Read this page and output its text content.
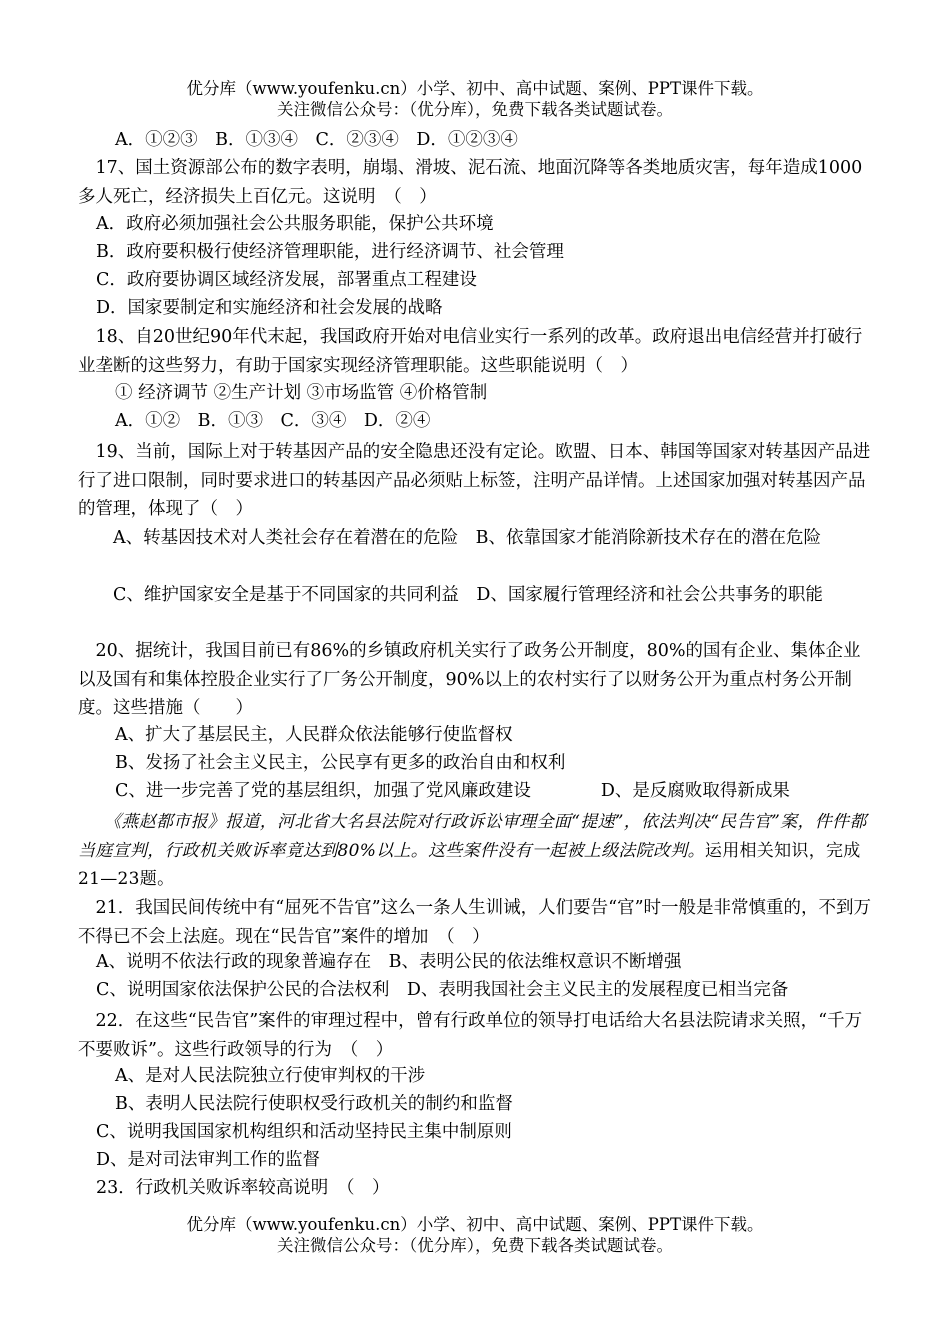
优分库（www.youfenku.cn）小学、初中、高中试题、案例、PPT课件下载。
关注微信公众号：（优分库），免费下载各类试题试卷。
A．①②③　B．①③④　C．②③④　D．①②③④
　17、国土资源部公布的数字表明，崩塌、滑坡、泥石流、地面沉降等各类地质灾害，每年造成1000多人死亡，经济损失上百亿元。这说明　（　）
A．政府必须加强社会公共服务职能，保护公共环境
B．政府要积极行使经济管理职能，进行经济调节、社会管理
C．政府要协调区域经济发展，部署重点工程建设
D．国家要制定和实施经济和社会发展的战略
　18、自20世纪90年代末起，我国政府开始对电信业实行一系列的改革。政府退出电信经营并打破行业垄断的这些努力，有助于国家实现经济管理职能。这些职能说明（　）
① 经济调节 ②生产计划 ③市场监管 ④价格管制
A．①②　B．①③　C．③④　D．②④
　19、当前，国际上对于转基因产品的安全隐患还没有定论。欧盟、日本、韩国等国家对转基因产品进行了进口限制，同时要求进口的转基因产品必须贴上标签，注明产品详情。上述国家加强对转基因产品的管理，体现了（　）
　　A、转基因技术对人类社会存在着潜在的危险　B、依靠国家才能消除新技术存在的潜在危险
　　C、维护国家安全是基于不同国家的共同利益　D、国家履行管理经济和社会公共事务的职能
　20、据统计，我国目前已有86%的乡镇政府机关实行了政务公开制度，80%的国有企业、集体企业以及国有和集体控股企业实行了厂务公开制度，90%以上的农村实行了以财务公开为重点村务公开制度。这些措施（　　）
A、扩大了基层民主，人民群众依法能够行使监督权
B、发扬了社会主义民主，公民享有更多的政治自由和权利
C、进一步完善了党的基层组织，加强了党风廉政建设	D、是反腐败取得新成果
　　《燕赵都市报》报道，河北省大名县法院对行政诉讼审理全面“提速”，依法判决“民告官”案，件件都当庭宣判，行政机关败诉率竟达到80%以上。这些案件没有一起被上级法院改判。运用相关知识，完成21—23题。
　21．我国民间传统中有“屈死不告官”这么一条人生训诫，人们要告“官”时一般是非常慎重的，不到万不得已不会上法庭。现在“民告官”案件的增加　（　）
A、说明不依法行政的现象普遍存在　B、表明公民的依法维权意识不断增强
C、说明国家依法保护公民的合法权利　D、表明我国社会主义民主的发展程度已相当完备
　22．在这些“民告官”案件的审理过程中，曾有行政单位的领导打电话给大名县法院请求关照，“千万不要败诉”。这些行政领导的行为　（　）
A、是对人民法院独立行使审判权的干涉
B、表明人民法院行使职权受行政机关的制约和监督
C、说明我国国家机构组织和活动坚持民主集中制原则
D、是对司法审判工作的监督
23．行政机关败诉率较高说明　（　）
优分库（www.youfenku.cn）小学、初中、高中试题、案例、PPT课件下载。
关注微信公众号：（优分库），免费下载各类试题试卷。
